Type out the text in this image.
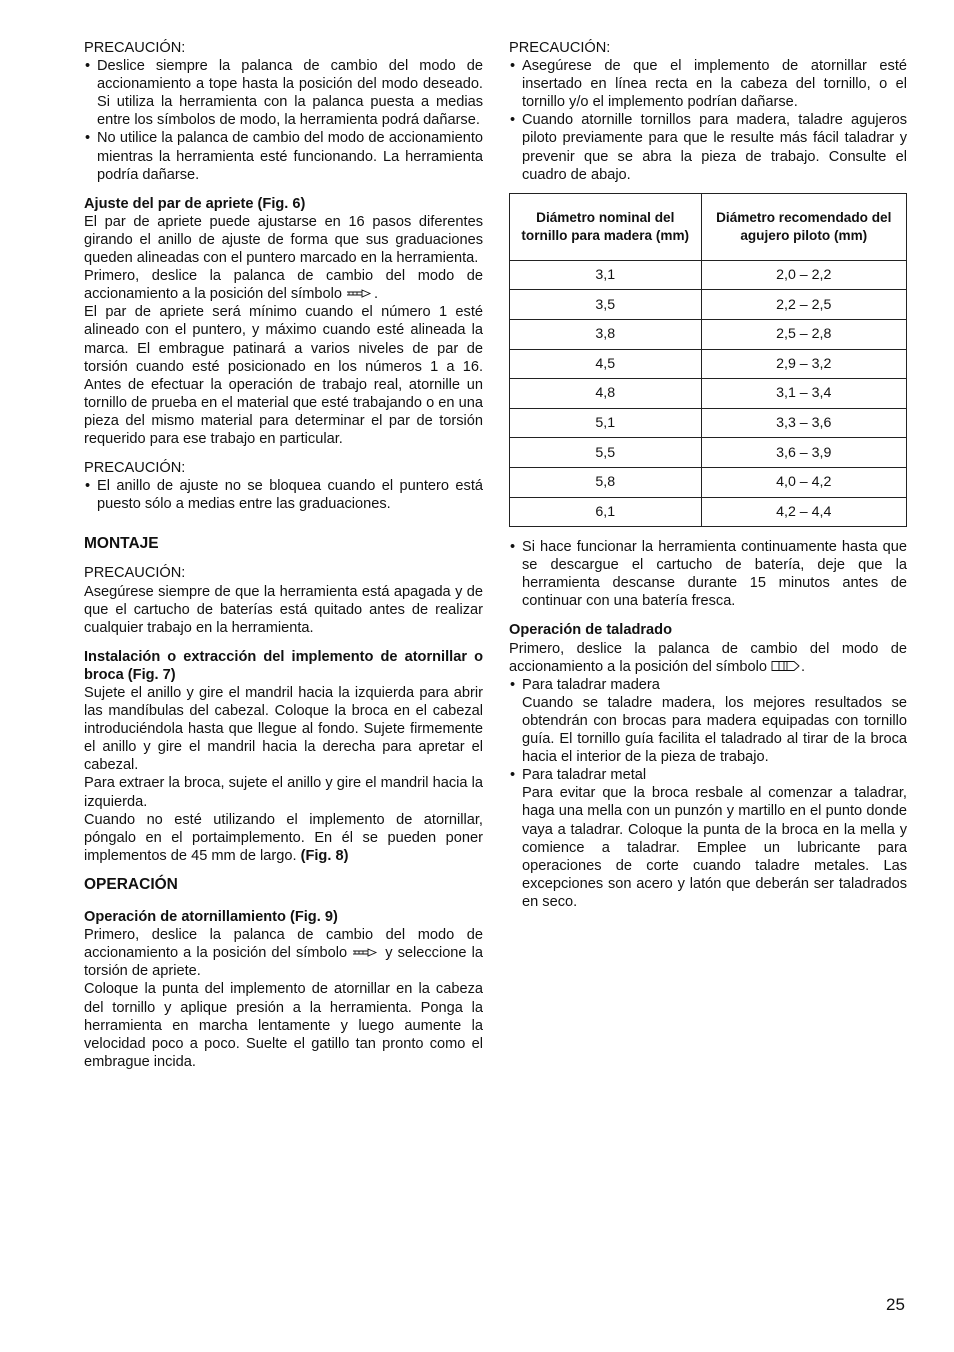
PRECAUCIÓN:

• Deslice siempre la palanca de cambio del modo de accionamiento a tope hasta la posición del modo deseado. Si utiliza la herramienta con la palanca puesta a medias entre los símbolos de modo, la herramienta podrá dañarse.

• No utilice la palanca de cambio del modo de accionamiento mientras la herramienta esté funcionando. La herramienta podría dañarse.

Ajuste del par de apriete (Fig. 6)

El par de apriete puede ajustarse en 16 pasos diferentes girando el anillo de ajuste de forma que sus graduaciones queden alineadas con el puntero marcado en la herramienta.

Primero, deslice la palanca de cambio del modo de accionamiento a la posición del símbolo .

El par de apriete será mínimo cuando el número 1 esté alineado con el puntero, y máximo cuando esté alineada la marca. El embrague patinará a varios niveles de par de torsión cuando esté posicionado en los números 1 a 16. Antes de efectuar la operación de trabajo real, atornille un tornillo de prueba en el material que esté trabajando o en una pieza del mismo material para determinar el par de torsión requerido para ese trabajo en particular.

PRECAUCIÓN:

• El anillo de ajuste no se bloquea cuando el puntero está puesto sólo a medias entre las graduaciones.

MONTAJE

PRECAUCIÓN:

Asegúrese siempre de que la herramienta está apagada y de que el cartucho de baterías está quitado antes de realizar cualquier trabajo en la herramienta.

Instalación o extracción del implemento de atornillar o broca (Fig. 7)

Sujete el anillo y gire el mandril hacia la izquierda para abrir las mandíbulas del cabezal. Coloque la broca en el cabezal introduciéndola hasta que llegue al fondo. Sujete firmemente el anillo y gire el mandril hacia la derecha para apretar el cabezal.

Para extraer la broca, sujete el anillo y gire el mandril hacia la izquierda.

Cuando no esté utilizando el implemento de atornillar, póngalo en el portaimplemento. En él se pueden poner implementos de 45 mm de largo. (Fig. 8)

OPERACIÓN

Operación de atornillamiento (Fig. 9)

Primero, deslice la palanca de cambio del modo de accionamiento a la posición del símbolo	y seleccione la torsión de apriete.

Coloque la punta del implemento de atornillar en la cabeza del tornillo y aplique presión a la herramienta. Ponga la herramienta en marcha lentamente y luego aumente la velocidad poco a poco. Suelte el gatillo tan pronto como el embrague incida.

PRECAUCIÓN:

• Asegúrese de que el implemento de atornillar esté insertado en línea recta en la cabeza del tornillo, o el tornillo y/o el implemento podrían dañarse.

• Cuando atornille tornillos para madera, taladre agujeros piloto previamente para que le resulte más fácil taladrar y prevenir que se abra la pieza de trabajo. Consulte el cuadro de abajo.

Diámetro nominal del tornillo para madera (mm)	Diámetro recomendado del agujero piloto (mm)
3,1	2,0 – 2,2
3,5	2,2 – 2,5
3,8	2,5 – 2,8
4,5	2,9 – 3,2
4,8	3,1 – 3,4
5,1	3,3 – 3,6
5,5	3,6 – 3,9
5,8	4,0 – 4,2
6,1	4,2 – 4,4

• Si hace funcionar la herramienta continuamente hasta que se descargue el cartucho de batería, deje que la herramienta descanse durante 15 minutos antes de continuar con una batería fresca.

Operación de taladrado

Primero, deslice la palanca de cambio del modo de accionamiento a la posición del símbolo .

• Para taladrar madera

Cuando se taladre madera, los mejores resultados se obtendrán con brocas para madera equipadas con tornillo guía. El tornillo guía facilita el taladrado al tirar de la broca hacia el interior de la pieza de trabajo.

• Para taladrar metal

Para evitar que la broca resbale al comenzar a taladrar, haga una mella con un punzón y martillo en el punto donde vaya a taladrar. Coloque la punta de la broca en la mella y comience a taladrar. Emplee un lubricante para operaciones de corte cuando taladre metales. Las excepciones son acero y latón que deberán ser taladrados en seco.

25
